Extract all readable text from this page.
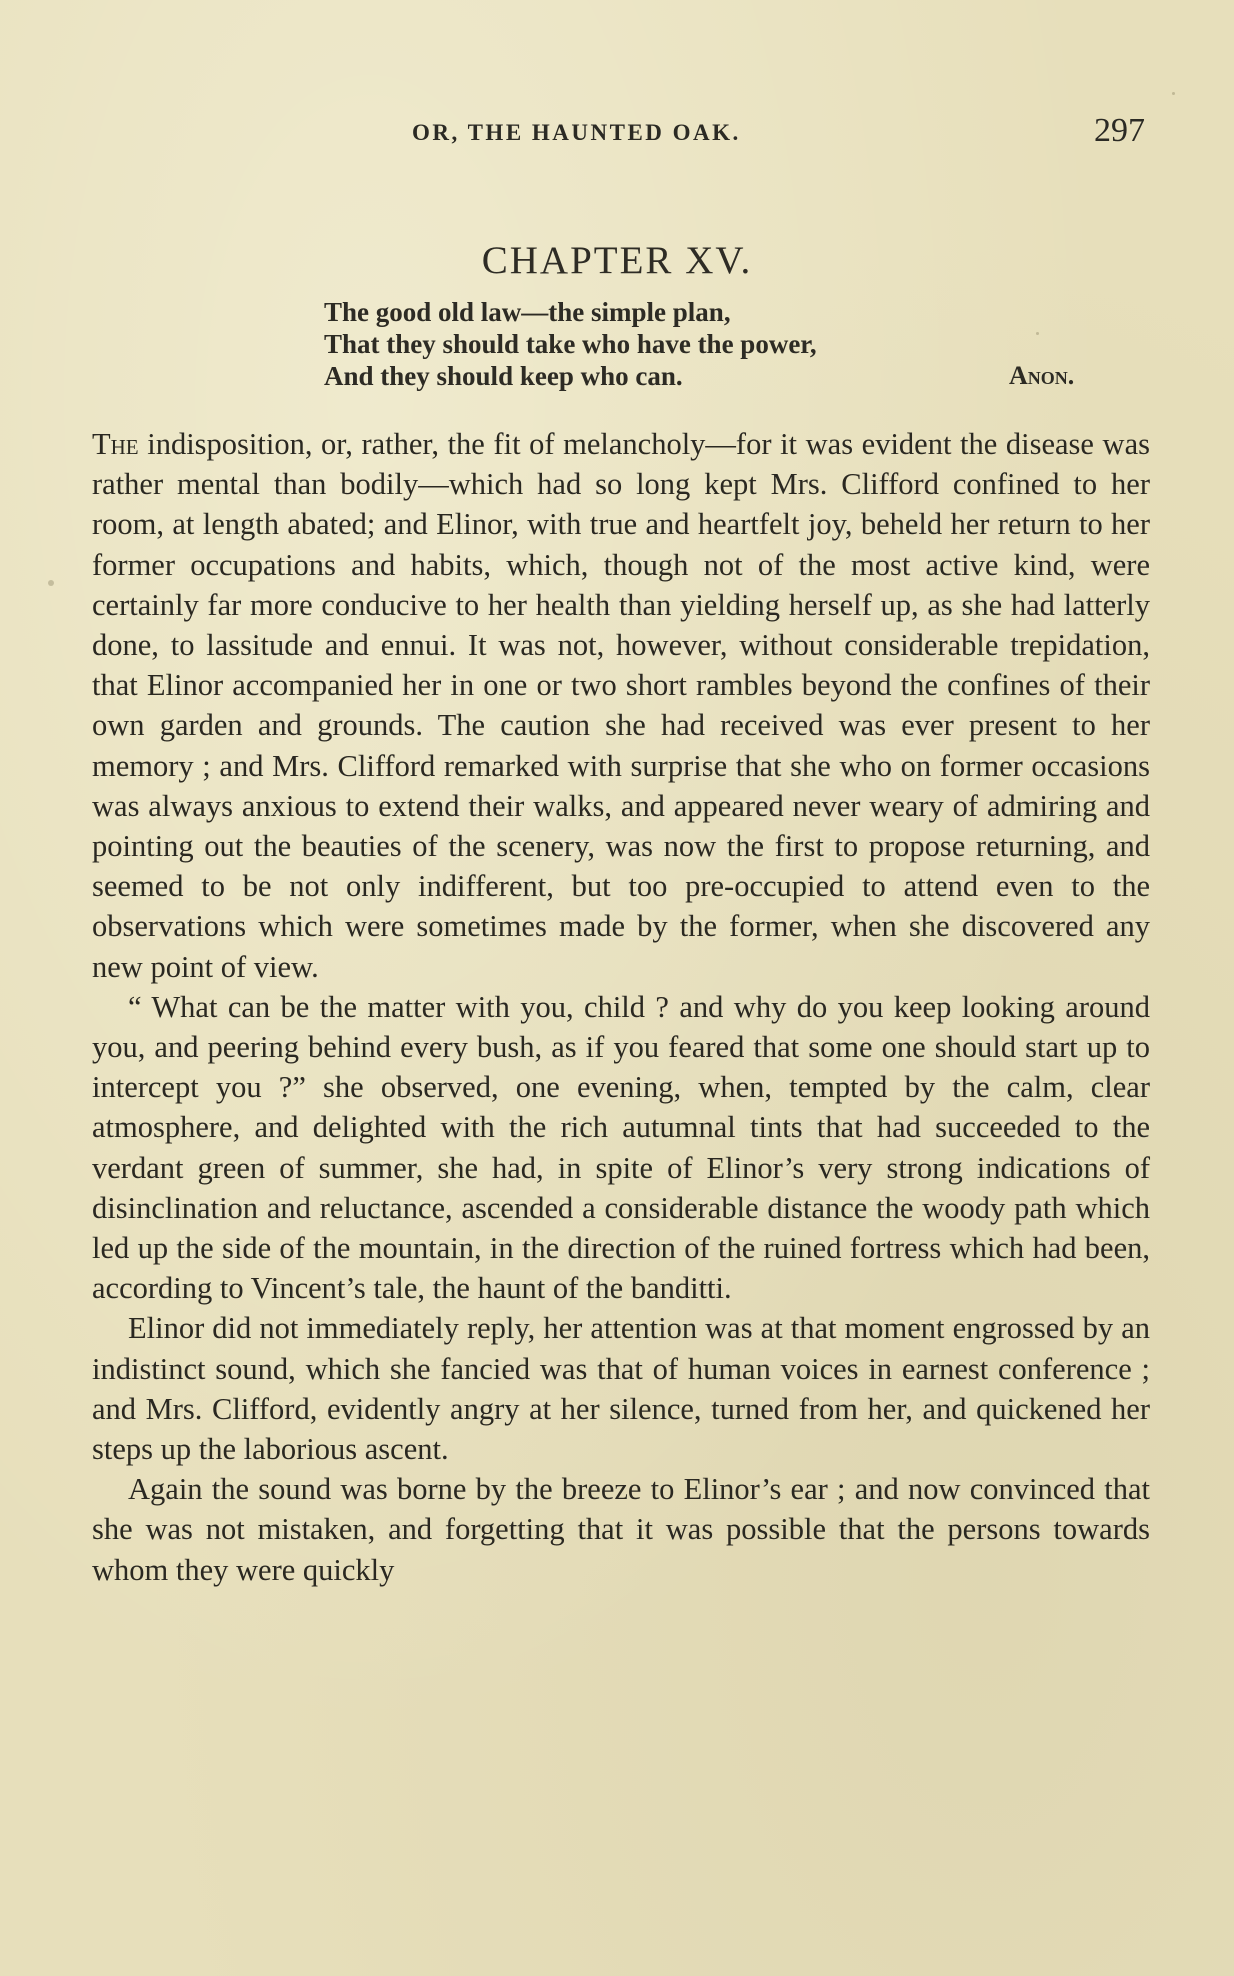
OR, THE HAUNTED OAK.	297
CHAPTER XV.
The good old law—the simple plan,
That they should take who have the power,
And they should keep who can.	Anon.

The indisposition, or, rather, the fit of melancholy—for it was evident the disease was rather mental than bodily—which had so long kept Mrs. Clifford confined to her room, at length abated; and Elinor, with true and heartfelt joy, beheld her return to her former occupations and habits, which, though not of the most active kind, were certainly far more conducive to her health than yielding herself up, as she had latterly done, to lassitude and ennui. It was not, however, without considerable trepidation, that Elinor accompanied her in one or two short rambles beyond the confines of their own garden and grounds. The caution she had received was ever present to her memory ; and Mrs. Clifford remarked with surprise that she who on former occasions was always anxious to extend their walks, and appeared never weary of admiring and pointing out the beauties of the scenery, was now the first to propose returning, and seemed to be not only indifferent, but too pre-occupied to attend even to the observations which were sometimes made by the former, when she discovered any new point of view.

“ What can be the matter with you, child ? and why do you keep looking around you, and peering behind every bush, as if you feared that some one should start up to intercept you ?” she observed, one evening, when, tempted by the calm, clear atmosphere, and delighted with the rich autumnal tints that had succeeded to the verdant green of summer, she had, in spite of Elinor’s very strong indications of disinclination and reluctance, ascended a considerable distance the woody path which led up the side of the mountain, in the direction of the ruined fortress which had been, according to Vincent’s tale, the haunt of the banditti.

Elinor did not immediately reply, her attention was at that moment engrossed by an indistinct sound, which she fancied was that of human voices in earnest conference ; and Mrs. Clifford, evidently angry at her silence, turned from her, and quickened her steps up the laborious ascent.

Again the sound was borne by the breeze to Elinor’s ear ; and now convinced that she was not mistaken, and forgetting that it was possible that the persons towards whom they were quickly
